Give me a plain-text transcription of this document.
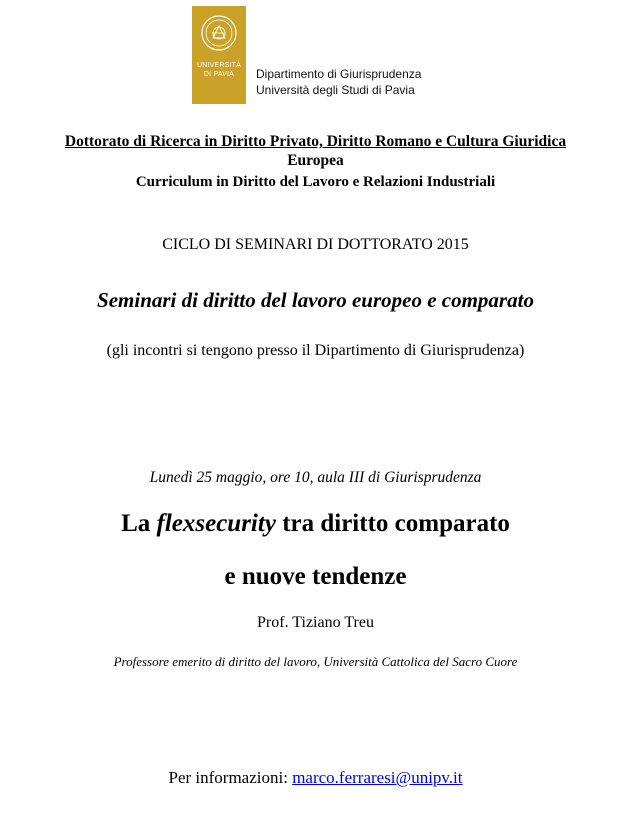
UNIVERSITÀ
DI PAVIA	Dipartimento di Giurisprudenza
Università degli Studi di Pavia
Dottorato di Ricerca in Diritto Privato, Diritto Romano e Cultura Giuridica
Europea
Curriculum in Diritto del Lavoro e Relazioni Industriali
CICLO DI SEMINARI DI DOTTORATO 2015
Seminari di diritto del lavoro europeo e comparato
(gli incontri si tengono presso il Dipartimento di Giurisprudenza)
Lunedì 25 maggio, ore 10, aula III di Giurisprudenza
La flexsecurity tra diritto comparato
e nuove tendenze
Prof. Tiziano Treu
Professore emerito di diritto del lavoro, Università Cattolica del Sacro Cuore
Per informazioni: marco.ferraresi@unipv.it
